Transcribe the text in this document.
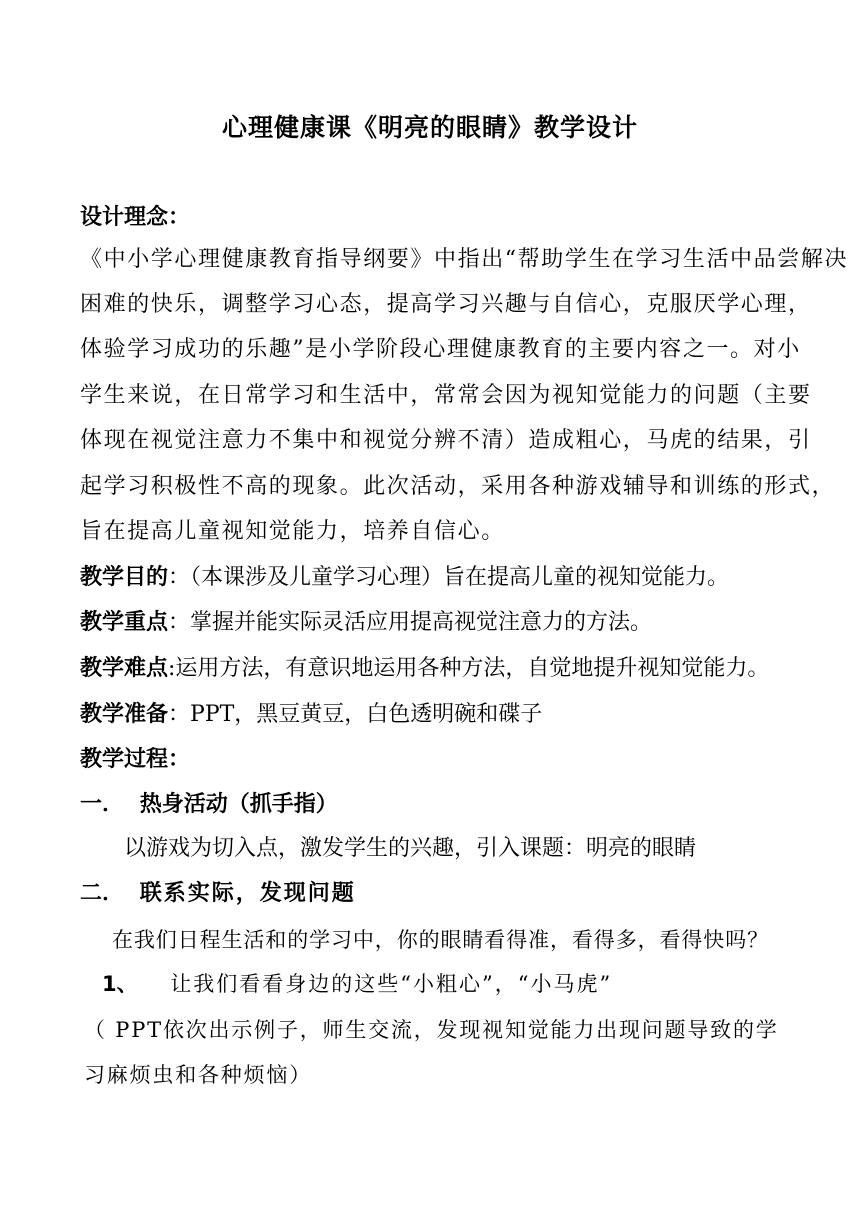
心理健康课《明亮的眼睛》教学设计
设计理念：
《中小学心理健康教育指导纲要》中指出“帮助学生在学习生活中品尝解决
困难的快乐，调整学习心态，提高学习兴趣与自信心，克服厌学心理，
体验学习成功的乐趣”是小学阶段心理健康教育的主要内容之一。对小
学生来说，在日常学习和生活中，常常会因为视知觉能力的问题（主要
体现在视觉注意力不集中和视觉分辨不清）造成粗心，马虎的结果，引
起学习积极性不高的现象。此次活动，采用各种游戏辅导和训练的形式，
旨在提高儿童视知觉能力，培养自信心。
教学目的：（本课涉及儿童学习心理）旨在提高儿童的视知觉能力。
教学重点：掌握并能实际灵活应用提高视觉注意力的方法。
教学难点:运用方法，有意识地运用各种方法，自觉地提升视知觉能力。
教学准备：PPT，黑豆黄豆，白色透明碗和碟子
教学过程：
一． 热身活动（抓手指）
以游戏为切入点，激发学生的兴趣，引入课题：明亮的眼睛
二． 联系实际，发现问题
在我们日程生活和的学习中，你的眼睛看得准，看得多，看得快吗？
1、 让我们看看身边的这些“小粗心”，“小马虎”
（ PPT依次出示例子，师生交流，发现视知觉能力出现问题导致的学
习麻烦虫和各种烦恼）
